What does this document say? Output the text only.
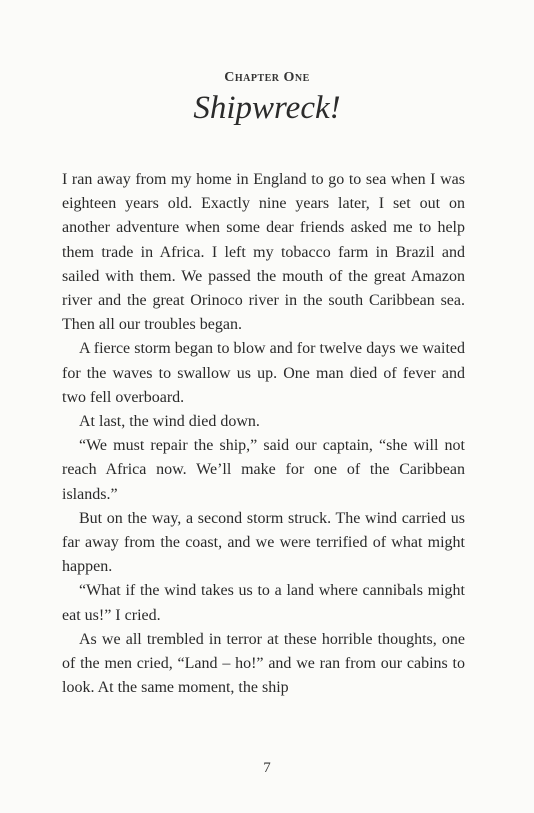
Chapter One
Shipwreck!

I ran away from my home in England to go to sea when I was eighteen years old. Exactly nine years later, I set out on another adventure when some dear friends asked me to help them trade in Africa. I left my tobacco farm in Brazil and sailed with them. We passed the mouth of the great Amazon river and the great Orinoco river in the south Caribbean sea. Then all our troubles began.

A fierce storm began to blow and for twelve days we waited for the waves to swallow us up. One man died of fever and two fell overboard.

At last, the wind died down.

“We must repair the ship,” said our captain, “she will not reach Africa now. We’ll make for one of the Caribbean islands.”

But on the way, a second storm struck. The wind carried us far away from the coast, and we were terrified of what might happen.

“What if the wind takes us to a land where cannibals might eat us!” I cried.

As we all trembled in terror at these horrible thoughts, one of the men cried, “Land – ho!” and we ran from our cabins to look. At the same moment, the ship

7
